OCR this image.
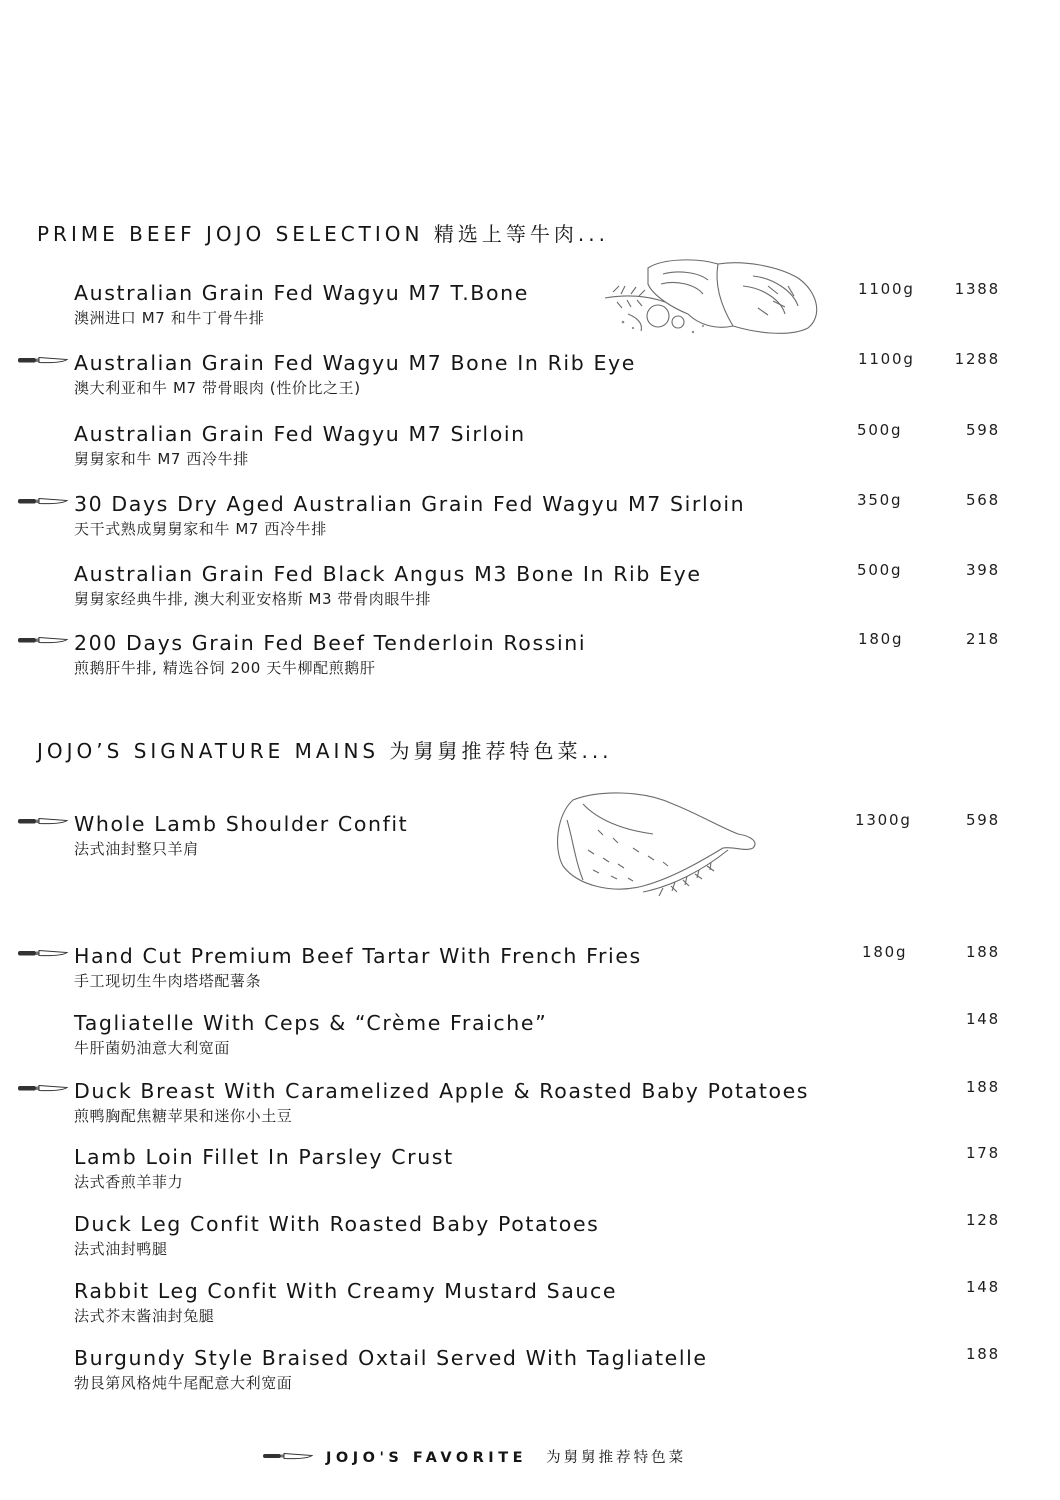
PRIME BEEF JOJO SELECTION 精选上等牛肉...
JOJO’S SIGNATURE MAINS 为舅舅推荐特色菜...
Australian Grain Fed Wagyu M7 T.Bone
澳洲进口 M7 和牛丁骨牛排
1100g	1388
Australian Grain Fed Wagyu M7 Bone In Rib Eye
澳大利亚和牛 M7 带骨眼肉 (性价比之王)
1100g	1288
Australian Grain Fed Wagyu M7 Sirloin
舅舅家和牛 M7 西冷牛排
500g	598
30 Days Dry Aged Australian Grain Fed Wagyu M7 Sirloin
天干式熟成舅舅家和牛 M7 西冷牛排
350g	568
Australian Grain Fed Black Angus M3 Bone In Rib Eye
舅舅家经典牛排, 澳大利亚安格斯 M3 带骨肉眼牛排
500g	398
200 Days Grain Fed Beef Tenderloin Rossini
煎鹅肝牛排, 精选谷饲 200 天牛柳配煎鹅肝
180g	218
Whole Lamb Shoulder Confit
法式油封整只羊肩
1300g	598
Hand Cut Premium Beef Tartar With French Fries
手工现切生牛肉塔塔配薯条
180g	188
Tagliatelle With Ceps & “Crème Fraiche”
牛肝菌奶油意大利宽面
148
Duck Breast With Caramelized Apple & Roasted Baby Potatoes
煎鸭胸配焦糖苹果和迷你小土豆
188
Lamb Loin Fillet In Parsley Crust
法式香煎羊菲力
178
Duck Leg Confit With Roasted Baby Potatoes
法式油封鸭腿
128
Rabbit Leg Confit With Creamy Mustard Sauce
法式芥末酱油封兔腿
148
Burgundy Style Braised Oxtail Served With Tagliatelle
勃艮第风格炖牛尾配意大利宽面
188
JOJO'S FAVORITE 为舅舅推荐特色菜
